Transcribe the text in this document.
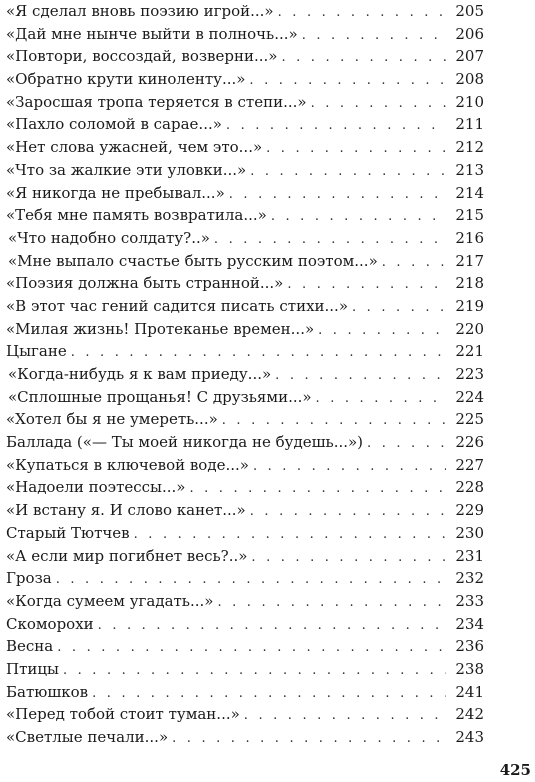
«Я сделал вновь поэзию игрой...» . . .	205
«Дай мне нынче выйти в полночь...» . . .	206
«Повтори, воссоздай, возверни...» . . .	207
«Обратно крути киноленту...» . . .	208
«Заросшая тропа теряется в степи...» . . .	210
«Пахло соломой в сарае...» . . .	211
«Нет слова ужасней, чем это...» . . .	212
«Что за жалкие эти уловки...» . . .	213
«Я никогда не пребывал...» . . .	214
«Тебя мне память возвратила...» . . .	215
«Что надобно солдату?..» . . .	216
«Мне выпало счастье быть русским поэтом...» . . .	217
«Поэзия должна быть странной...» . . .	218
«В этот час гений садится писать стихи...» . . .	219
«Милая жизнь! Протеканье времен...» . . .	220
Цыгане . . .	221
«Когда-нибудь я к вам приеду...» . . .	223
«Сплошные прощанья! С друзьями...» . . .	224
«Хотел бы я не умереть...» . . .	225
Баллада («— Ты моей никогда не будешь...») . . .	226
«Купаться в ключевой воде...» . . .	227
«Надоели поэтессы...» . . .	228
«И встану я. И слово канет...» . . .	229
Старый Тютчев . . .	230
«А если мир погибнет весь?..» . . .	231
Гроза . . .	232
«Когда сумеем угадать...» . . .	233
Скоморохи . . .	234
Весна . . .	236
Птицы . . .	238
Батюшков . . .	241
«Перед тобой стоит туман...» . . .	242
«Светлые печали...» . . .	243
425
